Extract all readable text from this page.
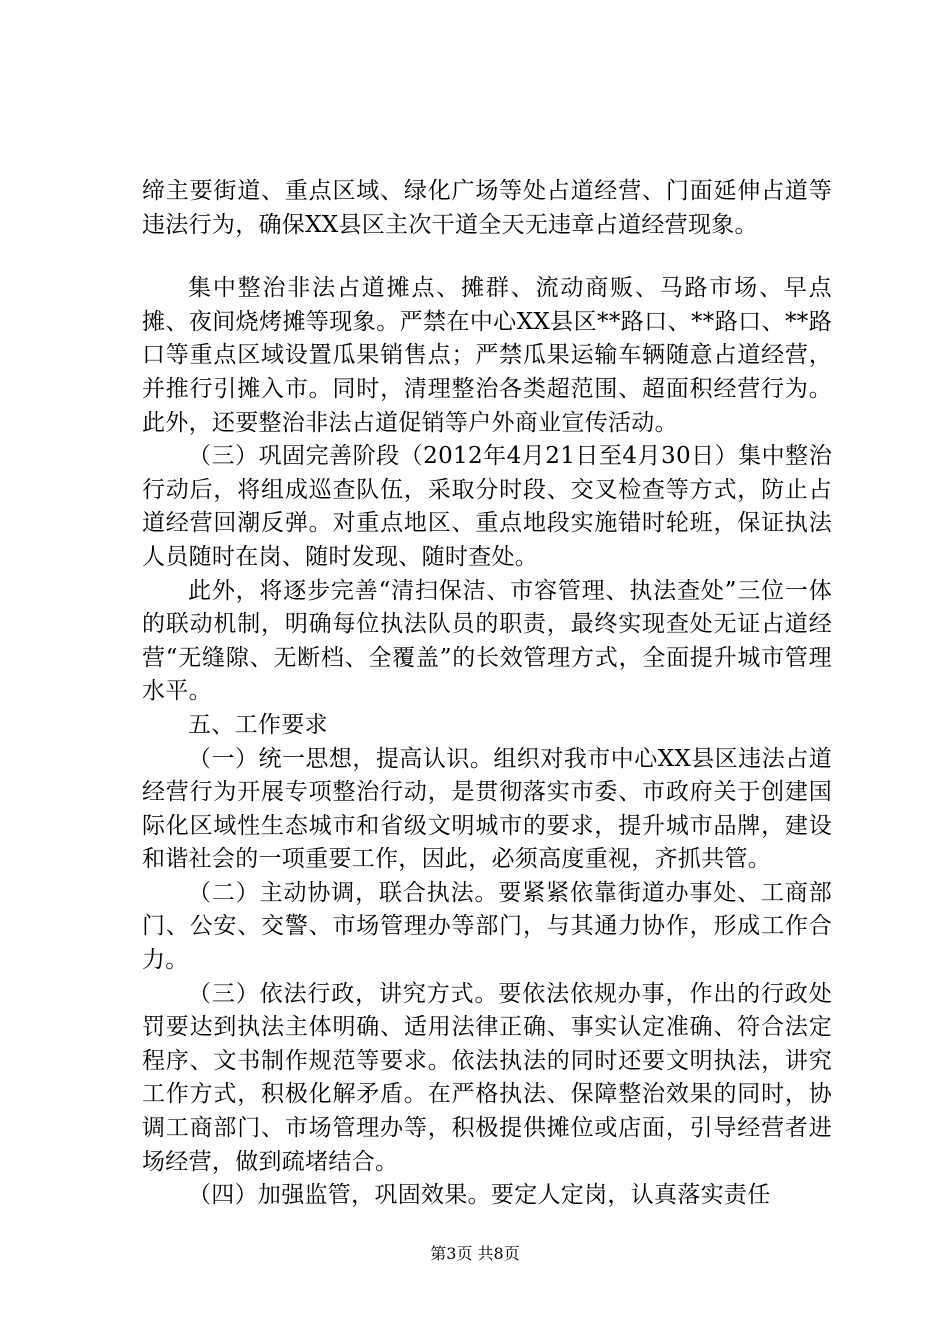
缔主要街道、重点区域、绿化广场等处占道经营、门面延伸占道等违法行为，确保XX县区主次干道全天无违章占道经营现象。

集中整治非法占道摊点、摊群、流动商贩、马路市场、早点摊、夜间烧烤摊等现象。严禁在中心XX县区**路口、**路口、**路口等重点区域设置瓜果销售点；严禁瓜果运输车辆随意占道经营，并推行引摊入市。同时，清理整治各类超范围、超面积经营行为。此外，还要整治非法占道促销等户外商业宣传活动。

（三）巩固完善阶段（2012年4月21日至4月30日）集中整治行动后，将组成巡查队伍，采取分时段、交叉检查等方式，防止占道经营回潮反弹。对重点地区、重点地段实施错时轮班，保证执法人员随时在岗、随时发现、随时查处。

此外，将逐步完善“清扫保洁、市容管理、执法查处”三位一体的联动机制，明确每位执法队员的职责，最终实现查处无证占道经营“无缝隙、无断档、全覆盖”的长效管理方式，全面提升城市管理水平。

五、工作要求

（一）统一思想，提高认识。组织对我市中心XX县区违法占道经营行为开展专项整治行动，是贯彻落实市委、市政府关于创建国际化区域性生态城市和省级文明城市的要求，提升城市品牌，建设和谐社会的一项重要工作，因此，必须高度重视，齐抓共管。

（二）主动协调，联合执法。要紧紧依靠街道办事处、工商部门、公安、交警、市场管理办等部门，与其通力协作，形成工作合力。

（三）依法行政，讲究方式。要依法依规办事，作出的行政处罚要达到执法主体明确、适用法律正确、事实认定准确、符合法定程序、文书制作规范等要求。依法执法的同时还要文明执法，讲究工作方式，积极化解矛盾。在严格执法、保障整治效果的同时，协调工商部门、市场管理办等，积极提供摊位或店面，引导经营者进场经营，做到疏堵结合。

（四）加强监管，巩固效果。要定人定岗，认真落实责任

第3页 共8页
